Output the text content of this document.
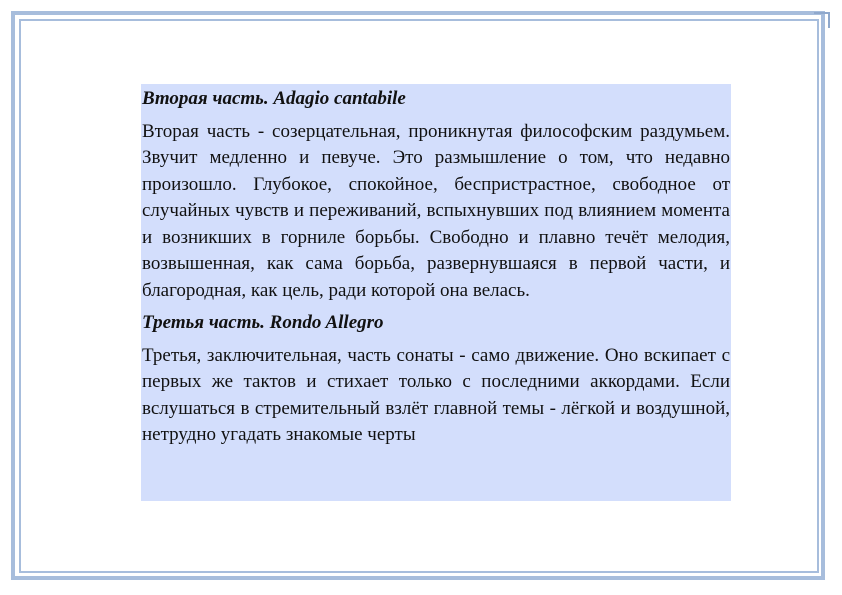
Вторая часть. Adagio cantabile

Вторая часть - созерцательная, проникнутая философским раздумьем. Звучит медленно и певуче. Это размышление о том, что недавно произошло. Глубокое, спокойное, беспристрастное, свободное от случайных чувств и переживаний, вспыхнувших под влиянием момента и возникших в горниле борьбы. Свободно и плавно течёт мелодия, возвышенная, как сама борьба, развернувшаяся в первой части, и благородная, как цель, ради которой она велась.

Третья часть. Rondo Allegro

Третья, заключительная, часть сонаты - само движение. Оно вскипает с первых же тактов и стихает только с последними аккордами. Если вслушаться в стремительный взлёт главной темы - лёгкой и воздушной, нетрудно угадать знакомые черты
